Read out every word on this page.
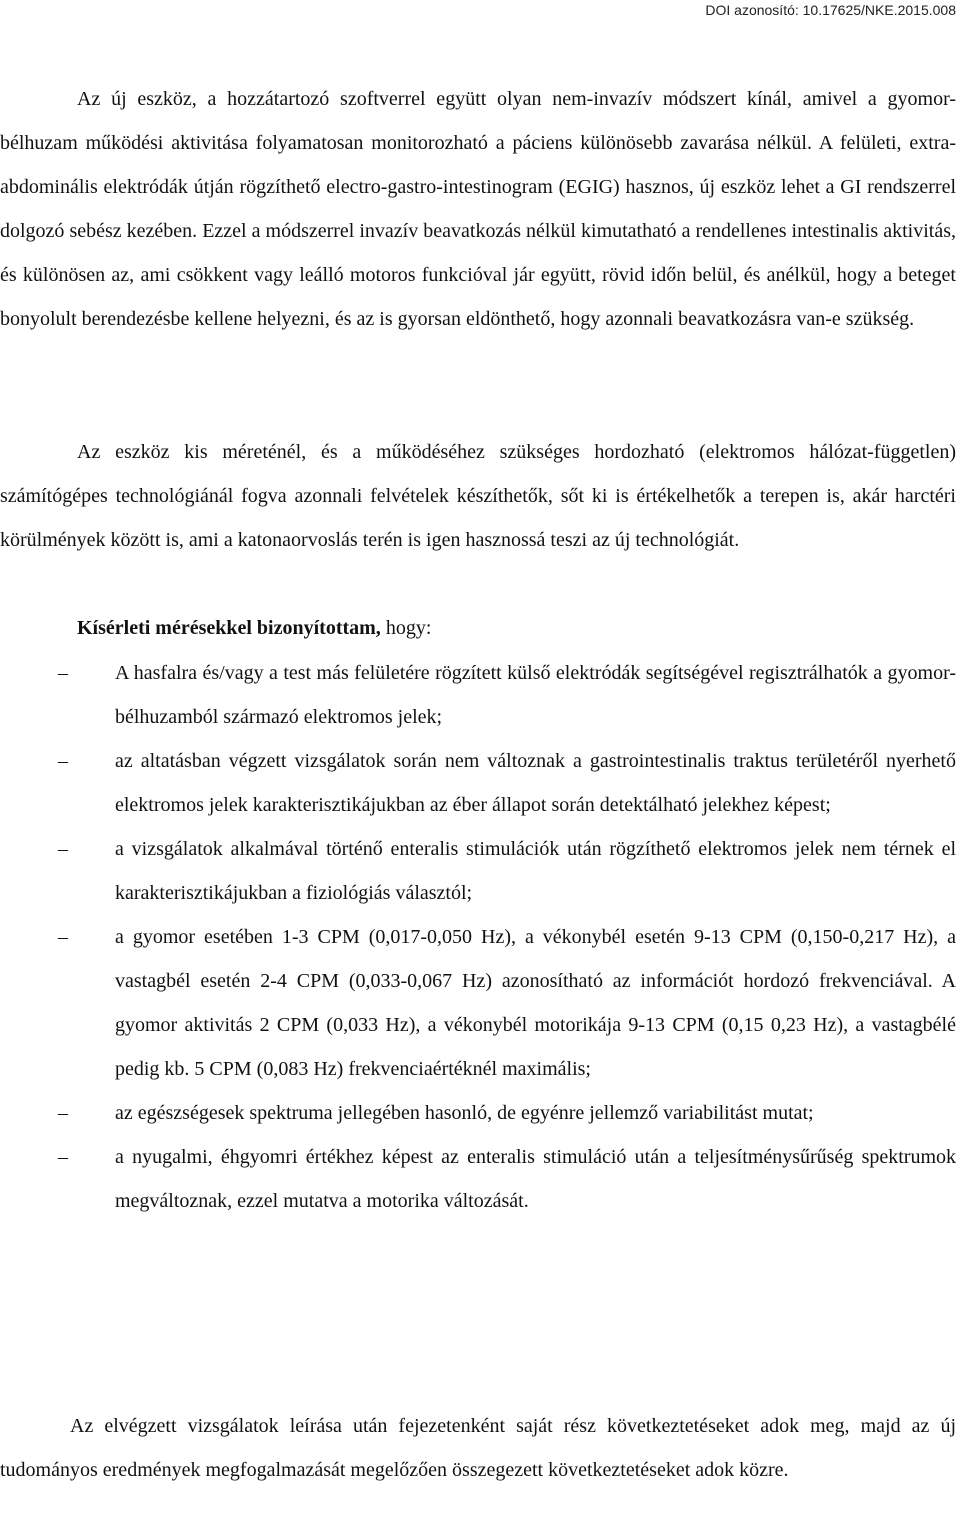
DOI azonosító: 10.17625/NKE.2015.008

Az új eszköz, a hozzátartozó szoftverrel együtt olyan nem-invazív módszert kínál, amivel a gyomor-bélhuzam működési aktivitása folyamatosan monitorozható a páciens különösebb zavarása nélkül. A felületi, extra-abdominális elektródák útján rögzíthető electro-gastro-intestinogram (EGIG) hasznos, új eszköz lehet a GI rendszerrel dolgozó sebész kezében. Ezzel a módszerrel invazív beavatkozás nélkül kimutatható a rendellenes intestinalis aktivitás, és különösen az, ami csökkent vagy leálló motoros funkcióval jár együtt, rövid időn belül, és anélkül, hogy a beteget bonyolult berendezésbe kellene helyezni, és az is gyorsan eldönthető, hogy azonnali beavatkozásra van-e szükség.

Az eszköz kis méreténél, és a működéséhez szükséges hordozható (elektromos hálózat-független) számítógépes technológiánál fogva azonnali felvételek készíthetők, sőt ki is értékelhetők a terepen is, akár harctéri körülmények között is, ami a katonaorvoslás terén is igen hasznossá teszi az új technológiát.

Kísérleti mérésekkel bizonyítottam, hogy:
–	A hasfalra és/vagy a test más felületére rögzített külső elektródák segítségével regisztrálhatók a gyomor-bélhuzamból származó elektromos jelek;
–	az altatásban végzett vizsgálatok során nem változnak a gastrointestinalis traktus területéről nyerhető elektromos jelek karakterisztikájukban az éber állapot során detektálható jelekhez képest;
–	a vizsgálatok alkalmával történő enteralis stimulációk után rögzíthető elektromos jelek nem térnek el karakterisztikájukban a fiziológiás választól;
–	a gyomor esetében 1-3 CPM (0,017-0,050 Hz), a vékonybél esetén 9-13 CPM (0,150-0,217 Hz), a vastagbél esetén 2-4 CPM (0,033-0,067 Hz) azonosítható az információt hordozó frekvenciával. A gyomor aktivitás 2 CPM (0,033 Hz), a vékonybél motorikája 9-13 CPM (0,15 0,23 Hz), a vastagbélé pedig kb. 5 CPM (0,083 Hz) frekvenciaértéknél maximális;
–	az egészségesek spektruma jellegében hasonló, de egyénre jellemző variabilitást mutat;
–	a nyugalmi, éhgyomri értékhez képest az enteralis stimuláció után a teljesítménysűrűség spektrumok megváltoznak, ezzel mutatva a motorika változását.

Az elvégzett vizsgálatok leírása után fejezetenként saját rész következtetéseket adok meg, majd az új tudományos eredmények megfogalmazását megelőzően összegezett következtetéseket adok közre.
